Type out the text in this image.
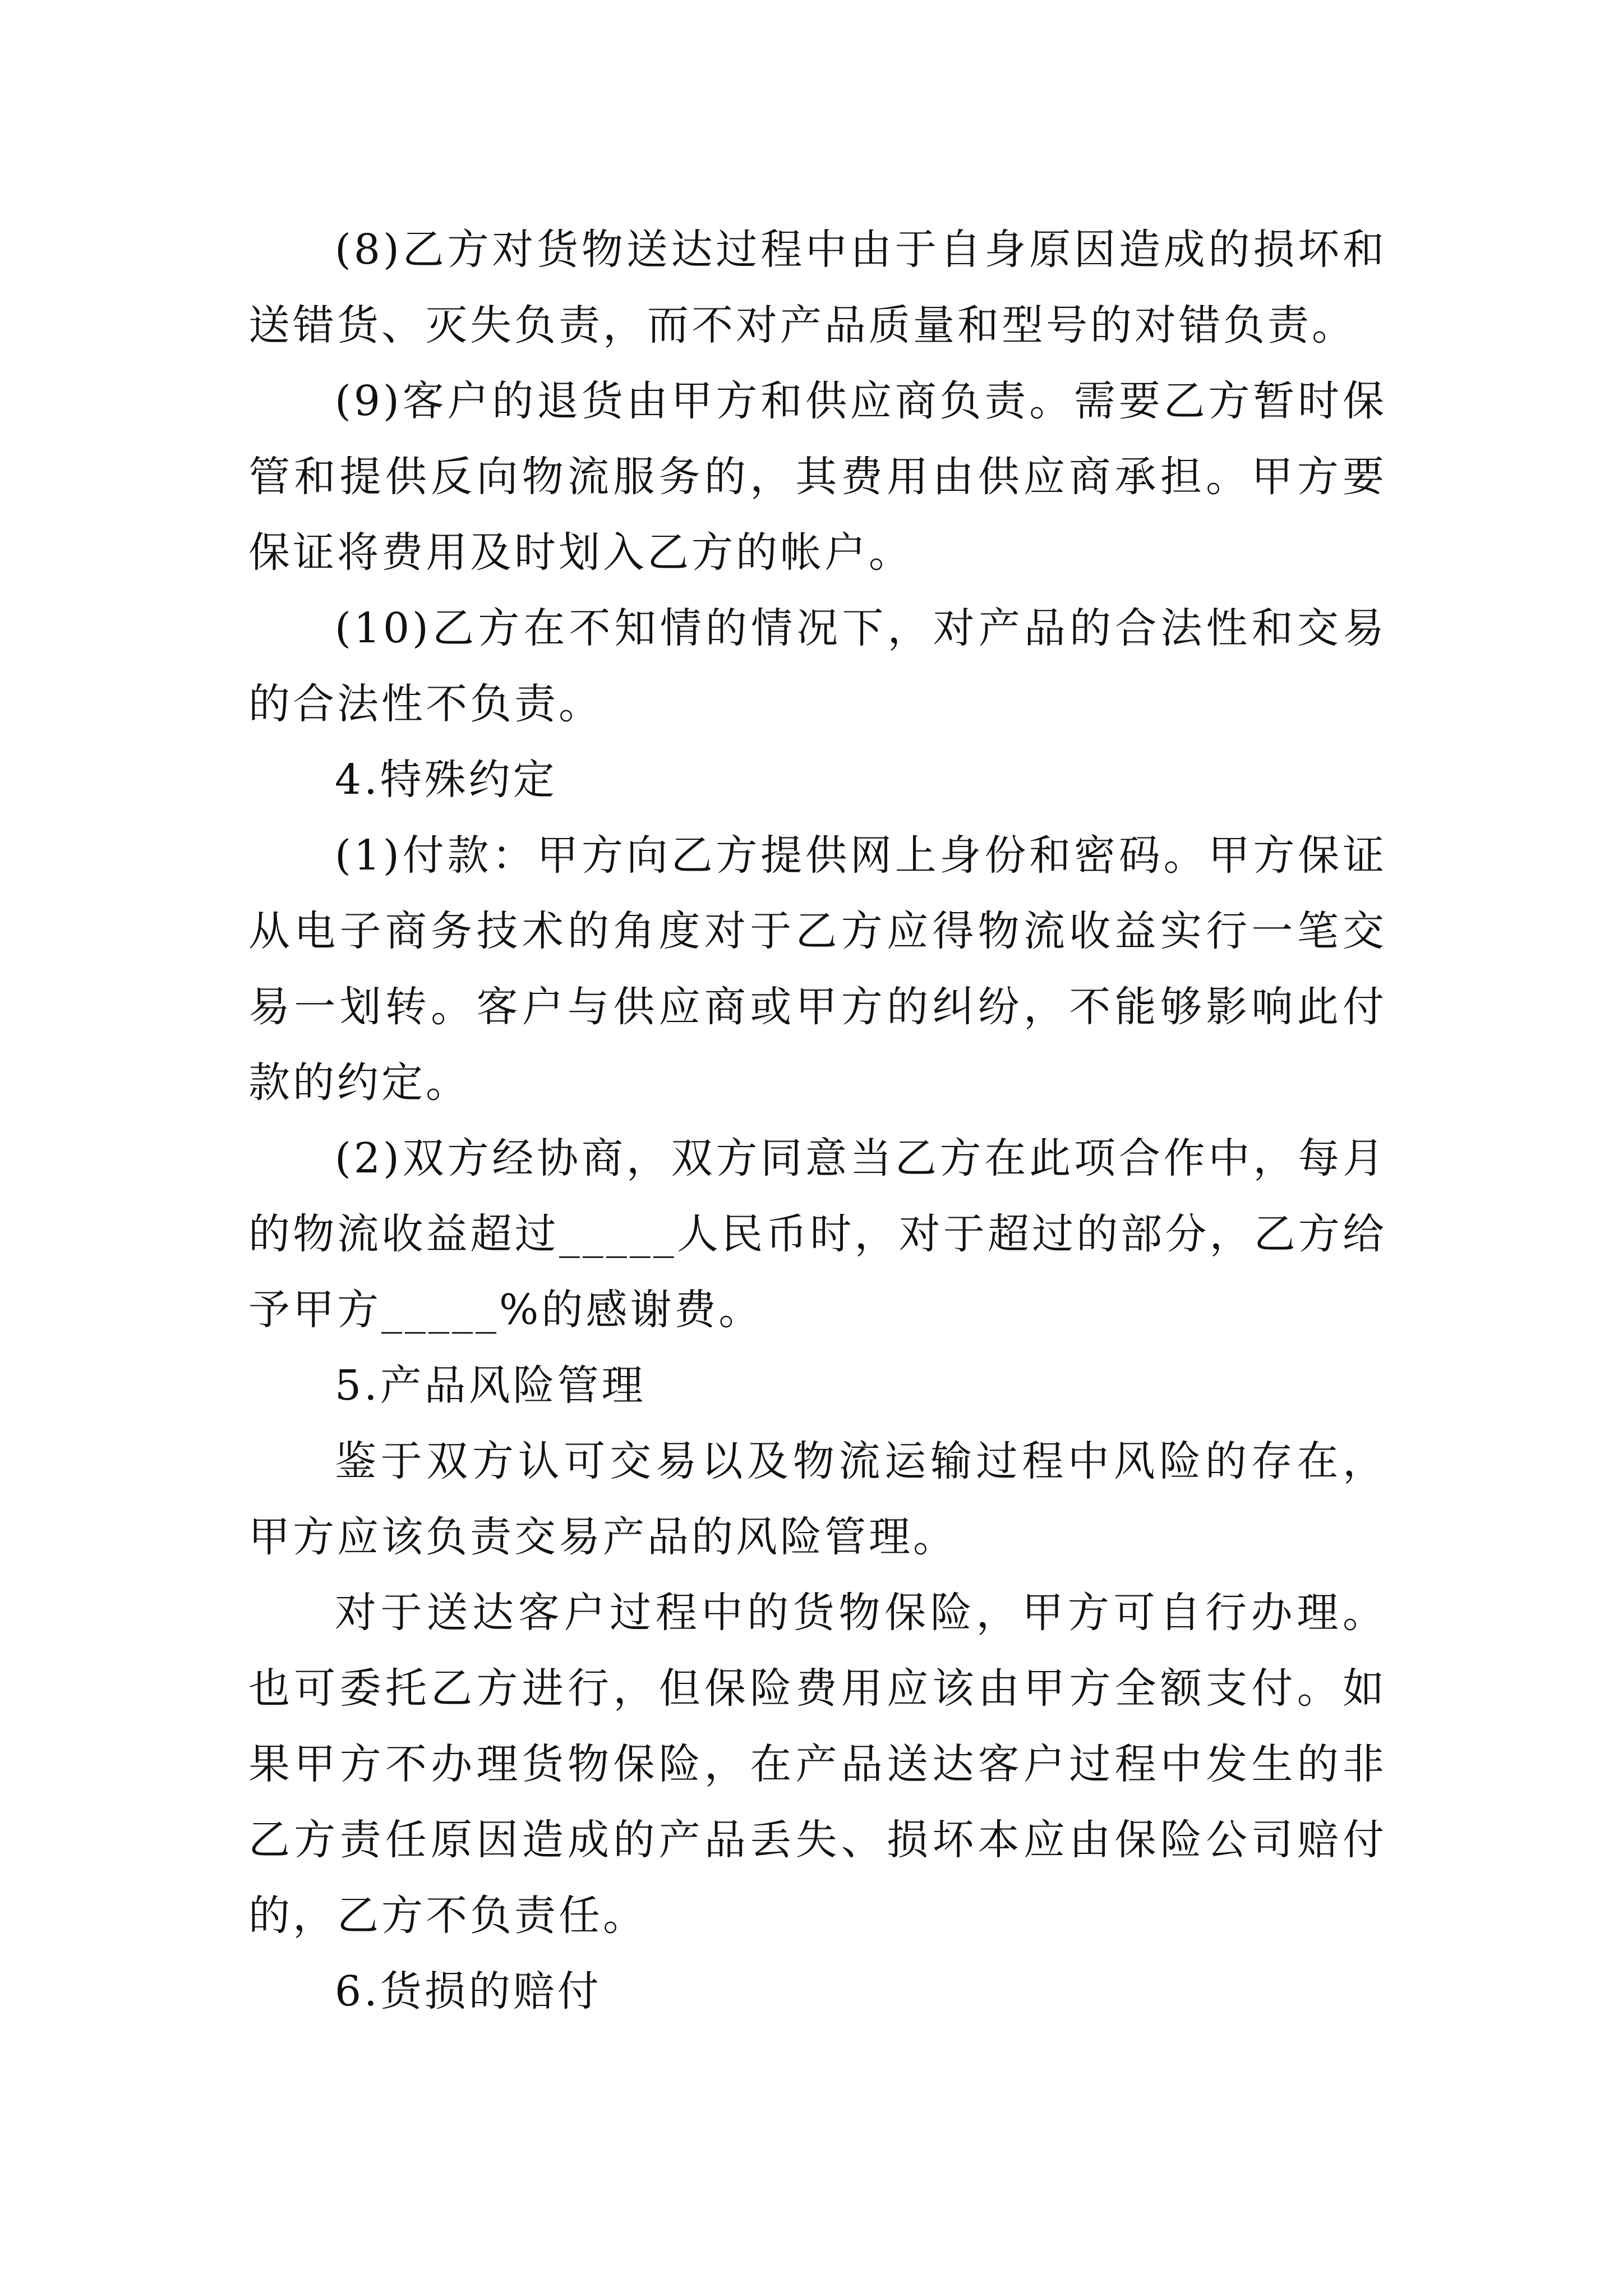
(8)乙方对货物送达过程中由于自身原因造成的损坏和送错货、灭失负责，而不对产品质量和型号的对错负责。

(9)客户的退货由甲方和供应商负责。需要乙方暂时保管和提供反向物流服务的，其费用由供应商承担。甲方要保证将费用及时划入乙方的帐户。

(10)乙方在不知情的情况下，对产品的合法性和交易的合法性不负责。

4.特殊约定

(1)付款：甲方向乙方提供网上身份和密码。甲方保证从电子商务技术的角度对于乙方应得物流收益实行一笔交易一划转。客户与供应商或甲方的纠纷，不能够影响此付款的约定。

(2)双方经协商，双方同意当乙方在此项合作中，每月的物流收益超过_____人民币时，对于超过的部分，乙方给予甲方_____%的感谢费。

5.产品风险管理

鉴于双方认可交易以及物流运输过程中风险的存在，甲方应该负责交易产品的风险管理。

对于送达客户过程中的货物保险，甲方可自行办理。也可委托乙方进行，但保险费用应该由甲方全额支付。如果甲方不办理货物保险，在产品送达客户过程中发生的非乙方责任原因造成的产品丢失、损坏本应由保险公司赔付的，乙方不负责任。

6.货损的赔付
